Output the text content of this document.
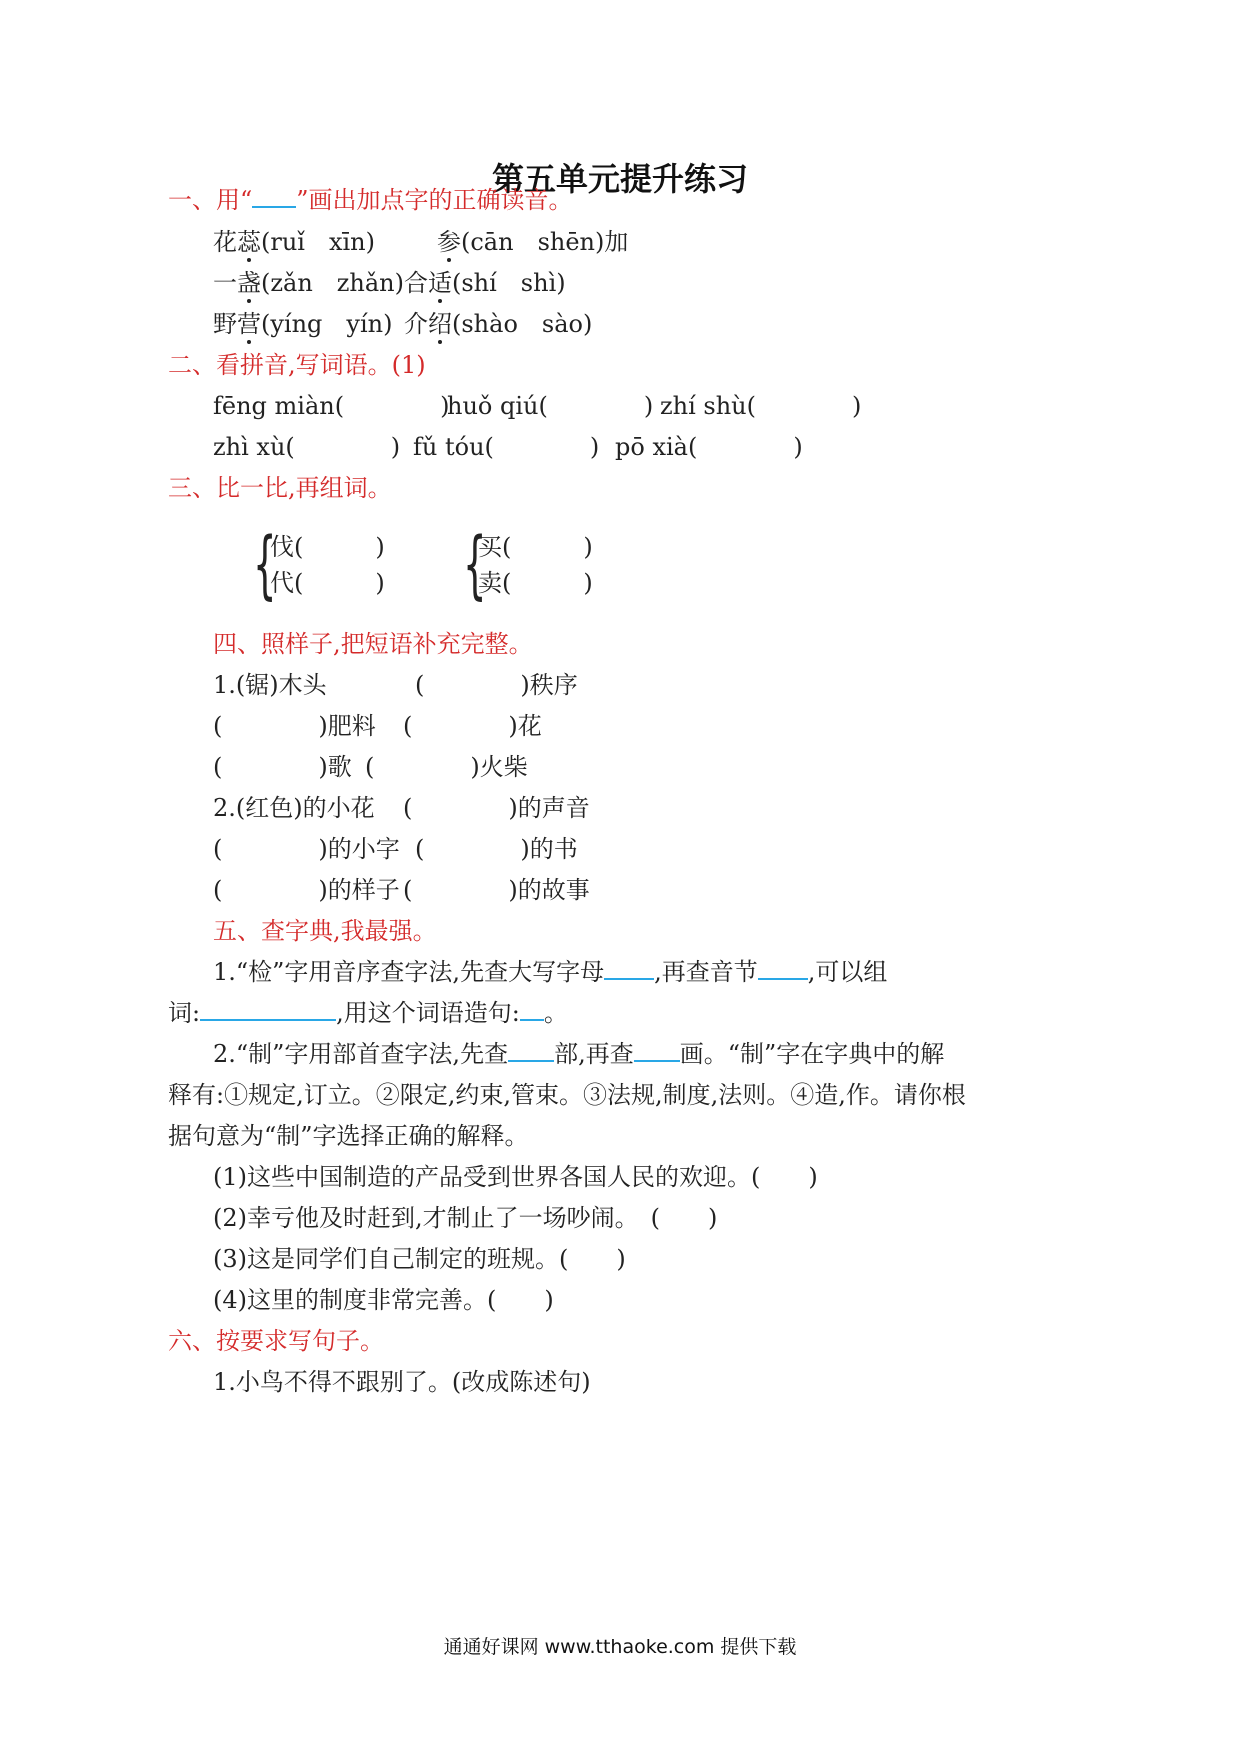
第五单元提升练习
一、用“ ”画出加点字的正确读音。
花蕊(ruǐ　xīn)	参(cān　shēn)加
一盏(zǎn　zhǎn) 合适(shí　shì)
野营(yíng　yín) 介绍(shào　sào)
二、看拼音,写词语。(1)
fēng miàn(　　　　)
huǒ qiú(　　　　) zhí shù(　　　　)
zhì xù(　　　　) fǔ tóu(　　　　) pō xià(　　　　)
三、比一比,再组词。
{
伐(　　　)
代(　　　) {
买(　　　)
卖(　　　)
四、照样子,把短语补充完整。
1.(锯)木头	(　　　　)秩序
(　　　　)肥料 (　　　　)花
(　　　　)歌 (　　　　)火柴
2.(红色)的小花 (　　　　)的声音
(　　　　)的小字 (　　　　)的书
(　　　　)的样子 (　　　　)的故事
五、查字典,我最强。
1.“检”字用音序查字法,先查大写字母 ,再查音节 ,可以组
词:	,用这个词语造句: 。
2.“制”字用部首查字法,先查 部,再查 画。“制”字在字典中的解
释有:①规定,订立。②限定,约束,管束。③法规,制度,法则。④造,作。请你根
据句意为“制”字选择正确的解释。
(1)这些中国制造的产品受到世界各国人民的欢迎。(　　)
(2)幸亏他及时赶到,才制止了一场吵闹。　(　　)
(3)这是同学们自己制定的班规。(　　)
(4)这里的制度非常完善。(　　)
六、按要求写句子。
1.小鸟不得不跟别了。(改成陈述句)
通通好课网 www.tthaoke.com 提供下载
